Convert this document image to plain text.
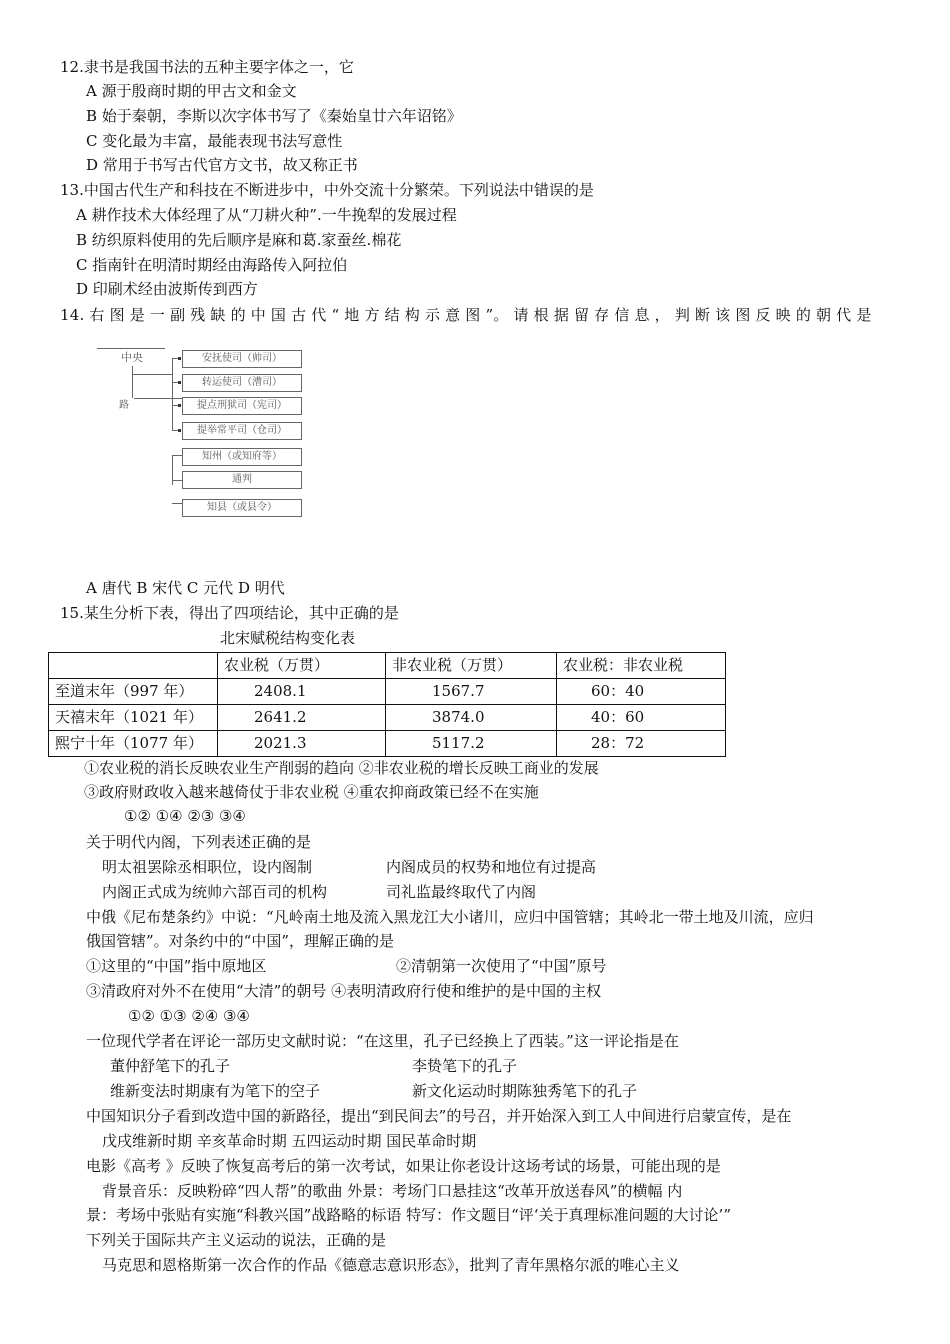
12.隶书是我国书法的五种主要字体之一，它
A 源于殷商时期的甲古文和金文
B 始于秦朝，李斯以次字体书写了《秦始皇廿六年诏铭》
C 变化最为丰富，最能表现书法写意性
D 常用于书写古代官方文书，故又称正书
13.中国古代生产和科技在不断进步中，中外交流十分繁荣。下列说法中错误的是
A 耕作技术大体经理了从“刀耕火种”.一牛挽犁的发展过程
B 纺织原料使用的先后顺序是麻和葛.家蚕丝.棉花
C 指南针在明清时期经由海路传入阿拉伯
D 印刷术经由波斯传到西方
14. 右 图 是 一 副 残 缺 的 中 国 古 代 “ 地 方 结 构 示 意 图 ”。 请 根 据 留 存 信 息 ， 判 断 该 图 反 映 的 朝 代 是
中央
路
安抚使司（帅司）
转运使司（漕司）
提点刑狱司（宪司）
提举常平司（仓司）
知州（或知府等）
通判
知县（或县令）
A 唐代 B 宋代 C 元代 D 明代
15.某生分析下表，得出了四项结论，其中正确的是
北宋赋税结构变化表
	农业税（万贯）	非农业税（万贯）	农业税：非农业税
至道末年（997 年）	2408.1	1567.7	60：40
天禧末年（1021 年）	2641.2	3874.0	40：60
熙宁十年（1077 年）	2021.3	5117.2	28：72
①农业税的消长反映农业生产削弱的趋向 ②非农业税的增长反映工商业的发展
③政府财政收入越来越倚仗于非农业税 ④重农抑商政策已经不在实施
①② ①④ ②③ ③④
关于明代内阁，下列表述正确的是
明太祖罢除丞相职位，设内阁制	内阁成员的权势和地位有过提高
内阁正式成为统帅六部百司的机构	司礼监最终取代了内阁
中俄《尼布楚条约》中说：“凡岭南土地及流入黑龙江大小诸川，应归中国管辖；其岭北一带土地及川流，应归
俄国管辖”。对条约中的“中国”，理解正确的是
①这里的“中国”指中原地区	②清朝第一次使用了“中国”原号
③清政府对外不在使用“大清”的朝号 ④表明清政府行使和维护的是中国的主权
①② ①③ ②④ ③④
一位现代学者在评论一部历史文献时说：“在这里，孔子已经换上了西装。”这一评论指是在
董仲舒笔下的孔子	李贽笔下的孔子
维新变法时期康有为笔下的空子	新文化运动时期陈独秀笔下的孔子
中国知识分子看到改造中国的新路径，提出“到民间去”的号召，并开始深入到工人中间进行启蒙宣传，是在
戊戌维新时期 辛亥革命时期 五四运动时期 国民革命时期
电影《高考 》反映了恢复高考后的第一次考试，如果让你老设计这场考试的场景，可能出现的是
背景音乐：反映粉碎“四人帮”的歌曲 外景：考场门口悬挂这“改革开放送春风”的横幅 内
景：考场中张贴有实施“科教兴国”战路略的标语 特写：作文题目“评‘关于真理标准问题的大讨论’”
下列关于国际共产主义运动的说法，正确的是
马克思和恩格斯第一次合作的作品《德意志意识形态》，批判了青年黑格尔派的唯心主义
